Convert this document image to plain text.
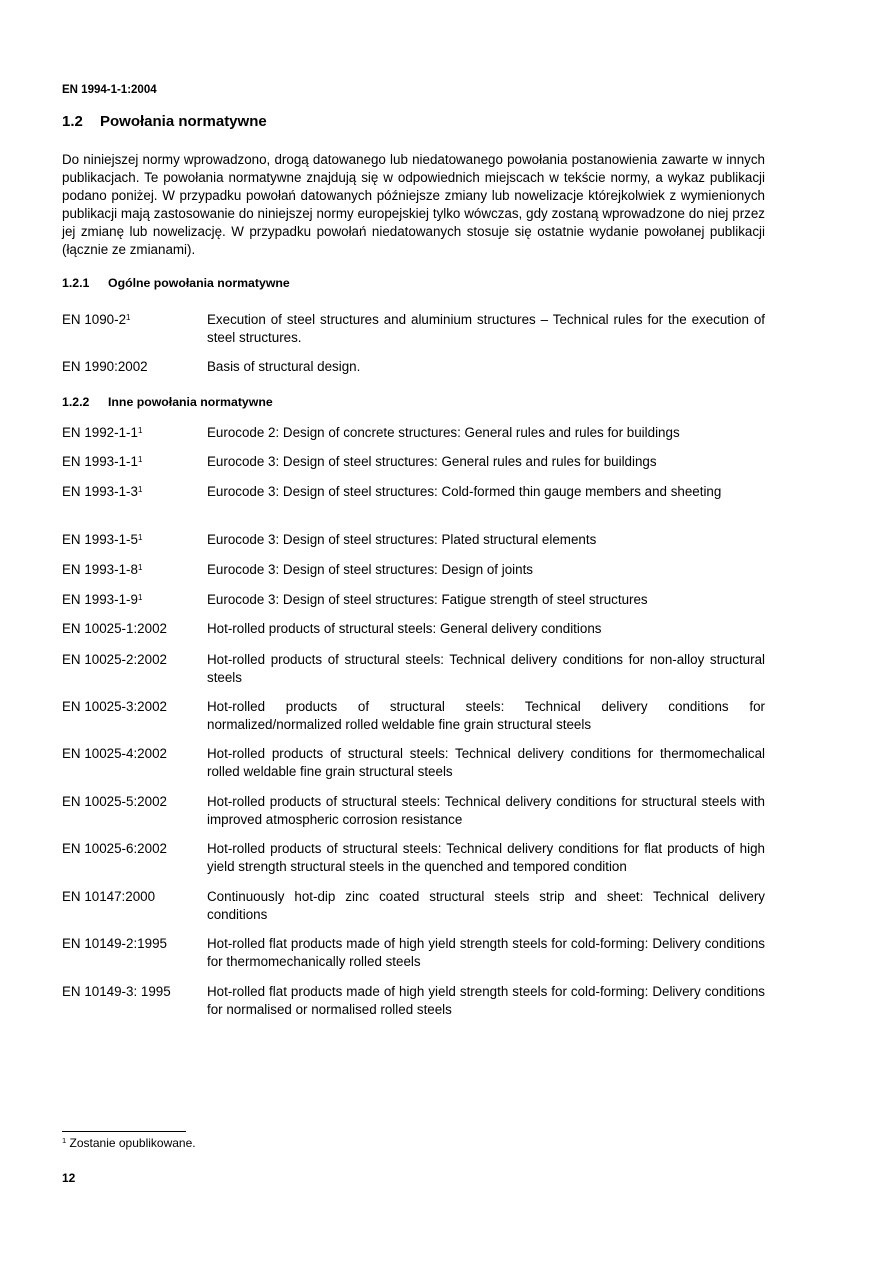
EN 1994-1-1:2004
1.2 Powołania normatywne
Do niniejszej normy wprowadzono, drogą datowanego lub niedatowanego powołania postanowienia zawarte w innych publikacjach. Te powołania normatywne znajdują się w odpowiednich miejscach w tekście normy, a wykaz publikacji podano poniżej. W przypadku powołań datowanych późniejsze zmiany lub nowelizacje którejkolwiek z wymienionych publikacji mają zastosowanie do niniejszej normy europejskiej tylko wówczas, gdy zostaną wprowadzone do niej przez jej zmianę lub nowelizację. W przypadku powołań niedatowanych stosuje się ostatnie wydanie powołanej publikacji (łącznie ze zmianami).
1.2.1 Ogólne powołania normatywne
EN $1090-2^1$	Execution of steel structures and aluminium structures – Technical rules for the execution of steel structures.
EN 1990:2002	Basis of structural design.
1.2.2 Inne powołania normatywne
EN $1992-1-1^1$	Eurocode 2: Design of concrete structures: General rules and rules for buildings
EN $1993-1-1^1$	Eurocode 3: Design of steel structures: General rules and rules for buildings
EN $1993-1-3^1$	Eurocode 3: Design of steel structures: Cold-formed thin gauge members and sheeting
EN $1993-1-5^1$	Eurocode 3: Design of steel structures: Plated structural elements
EN $1993-1-8^1$	Eurocode 3: Design of steel structures: Design of joints
EN $1993-1-9^1$	Eurocode 3: Design of steel structures: Fatigue strength of steel structures
EN 10025-1:2002	Hot-rolled products of structural steels: General delivery conditions
EN 10025-2:2002	Hot-rolled products of structural steels: Technical delivery conditions for non-alloy structural steels
EN 10025-3:2002	Hot-rolled products of structural steels: Technical delivery conditions for normalized/normalized rolled weldable fine grain structural steels
EN 10025-4:2002	Hot-rolled products of structural steels: Technical delivery conditions for thermomechalical rolled weldable fine grain structural steels
EN 10025-5:2002	Hot-rolled products of structural steels: Technical delivery conditions for structural steels with improved atmospheric corrosion resistance
EN 10025-6:2002	Hot-rolled products of structural steels: Technical delivery conditions for flat products of high yield strength structural steels in the quenched and tempored condition
EN 10147:2000	Continuously hot-dip zinc coated structural steels strip and sheet: Technical delivery conditions
EN 10149-2:1995	Hot-rolled flat products made of high yield strength steels for cold-forming: Delivery conditions for thermomechanically rolled steels
EN 10149-3: 1995	Hot-rolled flat products made of high yield strength steels for cold-forming: Delivery conditions for normalised or normalised rolled steels
$^1$ Zostanie opublikowane.
12
